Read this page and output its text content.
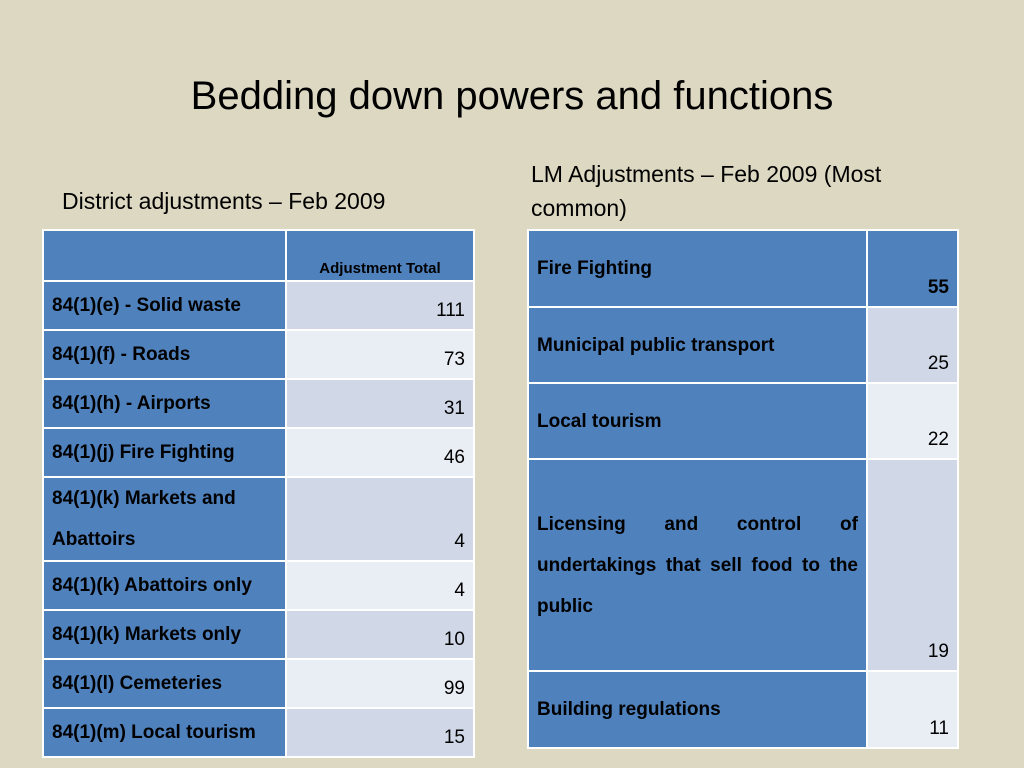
Bedding down powers and functions
District adjustments – Feb 2009
LM Adjustments – Feb 2009 (Most common)
	Adjustment Total
84(1)(e) - Solid waste	111
84(1)(f) - Roads	73
84(1)(h) - Airports	31
84(1)(j) Fire Fighting	46
84(1)(k) Markets and Abattoirs	4
84(1)(k) Abattoirs only	4
84(1)(k) Markets only	10
84(1)(l) Cemeteries	99
84(1)(m) Local tourism	15
Fire Fighting	55
Municipal public transport	25
Local tourism	22
Licensing and control of undertakings that sell food to the public	19
Building regulations	11
